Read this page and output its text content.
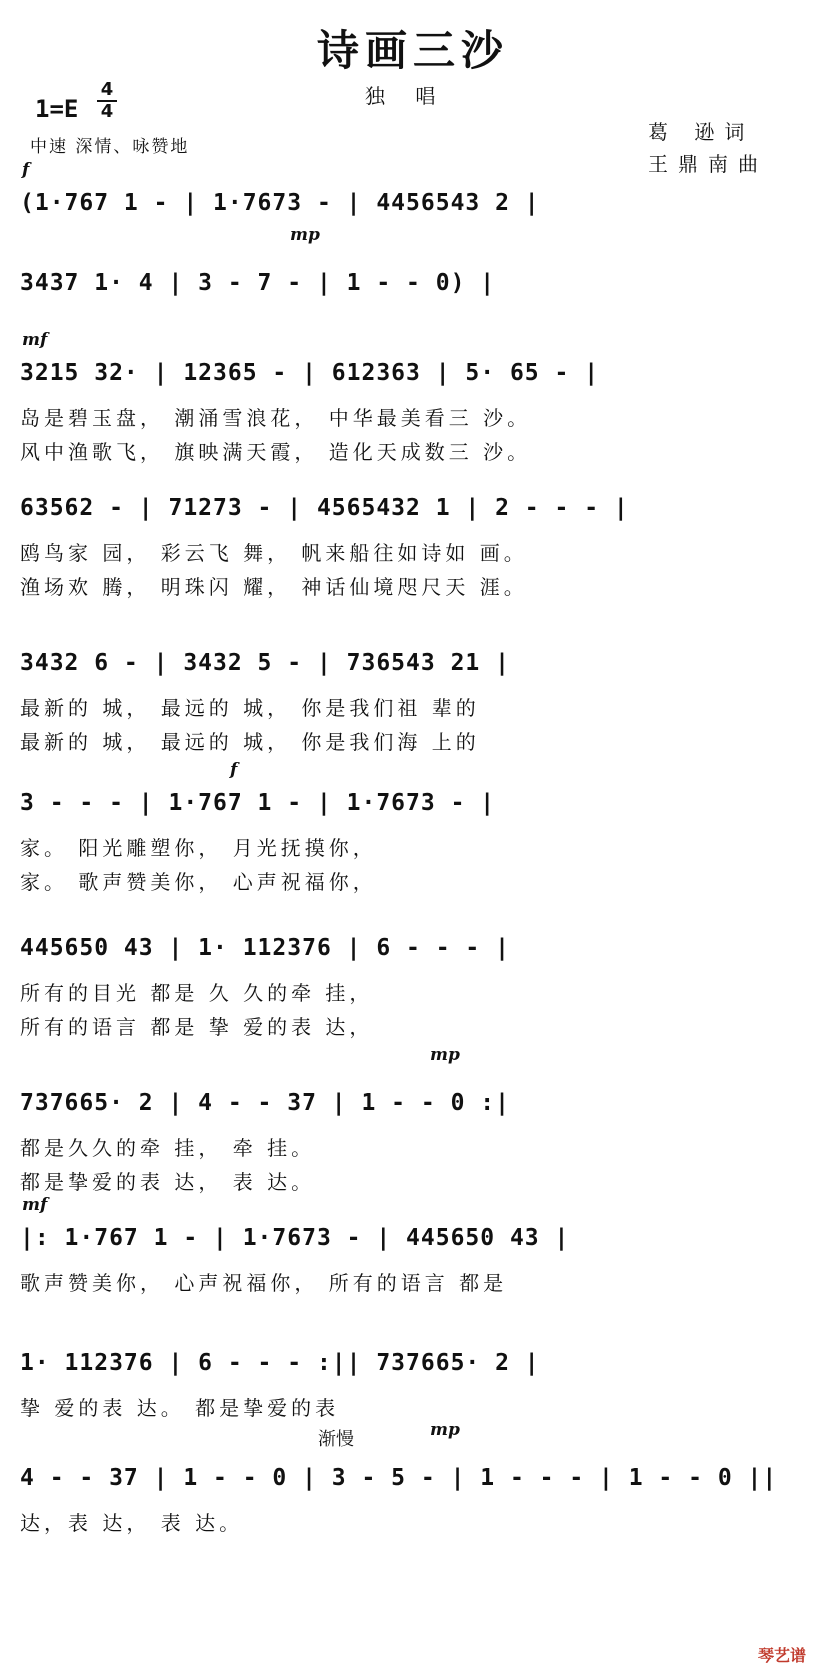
诗画三沙
独 唱
1=E
4
4
中速 深情、咏赞地
葛 逊词
王鼎南曲
f
(1·767 1 - | 1·7673 - | 4456543 2 |
mp
3437 1· 4 | 3 - 7 - | 1 - - 0) |
mf
3215 32· | 12365 - | 612363 | 5· 65 - |
岛是碧玉盘， 潮涌雪浪花， 中华最美看三 沙。
风中渔歌飞， 旗映满天霞， 造化天成数三 沙。
63562 - | 71273 - | 4565432 1 | 2 - - - |
鸥鸟家 园， 彩云飞 舞， 帆来船往如诗如 画。
渔场欢 腾， 明珠闪 耀， 神话仙境咫尺天 涯。
3432 6 - | 3432 5 - | 736543 21 |
最新的 城， 最远的 城， 你是我们祖 辈的
最新的 城， 最远的 城， 你是我们海 上的
f
3 - - - | 1·767 1 - | 1·7673 - |
家。 阳光雕塑你， 月光抚摸你，
家。 歌声赞美你， 心声祝福你，
445650 43 | 1· 112376 | 6 - - - |
所有的目光 都是 久 久的牵 挂，
所有的语言 都是 挚 爱的表 达，
mp
737665· 2 | 4 - - 37 | 1 - - 0 :|
都是久久的牵 挂， 牵 挂。
都是挚爱的表 达， 表 达。
mf
|: 1·767 1 - | 1·7673 - | 445650 43 |
歌声赞美你， 心声祝福你， 所有的语言 都是
1· 112376 | 6 - - - :|| 737665· 2 |
挚 爱的表 达。 都是挚爱的表
mp
渐慢
4 - - 37 | 1 - - 0 | 3 - 5 - | 1 - - - | 1 - - 0 ||
达，表 达， 表 达。
琴艺谱
